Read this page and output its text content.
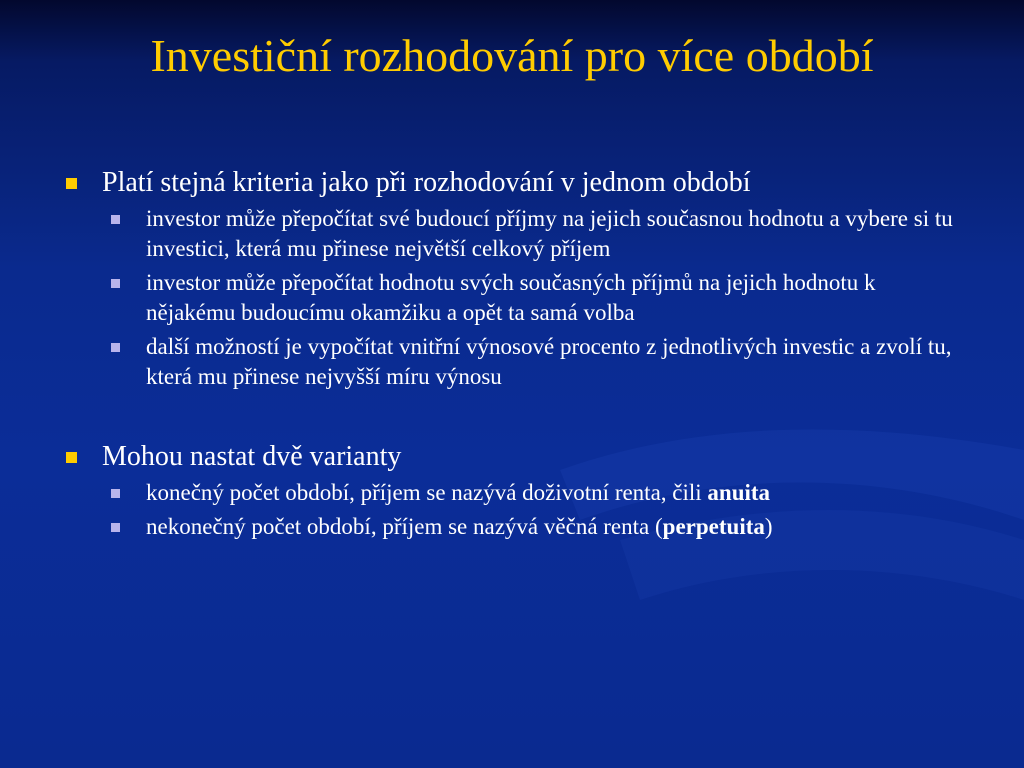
Investiční rozhodování pro více období
Platí stejná kriteria jako při rozhodování v jednom období
investor může přepočítat své budoucí příjmy na jejich současnou hodnotu a vybere si tu investici, která mu přinese největší celkový příjem
investor může přepočítat hodnotu svých současných příjmů na jejich hodnotu k nějakému budoucímu okamžiku a opět ta samá volba
další možností je vypočítat vnitřní výnosové procento z jednotlivých investic a zvolí tu, která mu přinese nejvyšší míru výnosu
Mohou nastat dvě varianty
konečný počet období, příjem se nazývá doživotní renta, čili anuita
nekonečný počet období, příjem se nazývá věčná renta (perpetuita)
